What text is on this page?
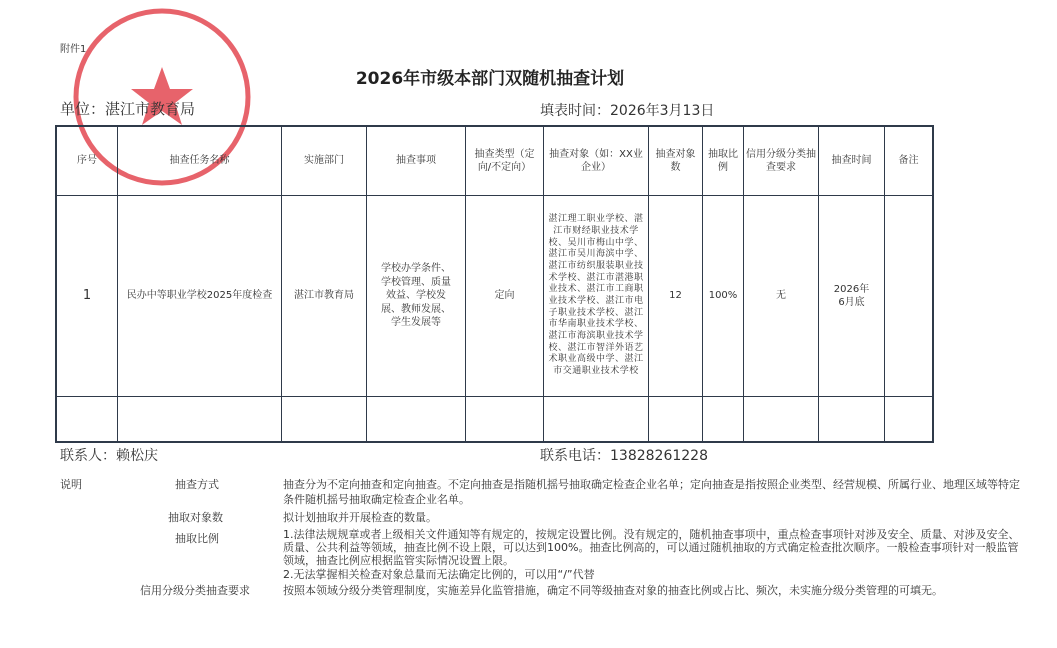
附件1
2026年市级本部门双随机抽查计划
单位：湛江市教育局	填表时间：2026年3月13日
序号	抽查任务名称	实施部门	抽查事项	抽查类型（定向/不定向）	抽查对象（如：XX业企业）	抽查对象数	抽取比例	信用分级分类抽查要求	抽查时间	备注
1	民办中等职业学校2025年度检查	湛江市教育局	学校办学条件、学校管理、质量效益、学校发展、教师发展、学生发展等	定向	湛江理工职业学校、湛江市财经职业技术学校、吴川市梅山中学、湛江市吴川海滨中学、湛江市纺织服装职业技术学校、湛江市湛港职业技术、湛江市工商职业技术学校、湛江市电子职业技术学校、湛江市华南职业技术学校、湛江市海滨职业技术学校、湛江市智洋外语艺术职业高级中学、湛江市交通职业技术学校	12	100%	无	2026年6月底	

联系人：赖松庆	联系电话：13828261228
说明	抽查方式	抽查分为不定向抽查和定向抽查。不定向抽查是指随机摇号抽取确定检查企业名单；定向抽查是指按照企业类型、经营规模、所属行业、地理区域等特定条件随机摇号抽取确定检查企业名单。
抽取对象数	拟计划抽取并开展检查的数量。
抽取比例	1.法律法规规章或者上级相关文件通知等有规定的，按规定设置比例。没有规定的，随机抽查事项中，重点检查事项针对涉及安全、质量、对涉及安全、质量、公共利益等领域，抽查比例不设上限，可以达到100%。抽查比例高的，可以通过随机抽取的方式确定检查批次顺序。一般检查事项针对一般监管领域，抽查比例应根据监管实际情况设置上限。
2.无法掌握相关检查对象总量而无法确定比例的，可以用“/”代替
信用分级分类抽查要求	按照本领域分级分类管理制度，实施差异化监管措施，确定不同等级抽查对象的抽查比例或占比、频次，未实施分级分类管理的可填无。
